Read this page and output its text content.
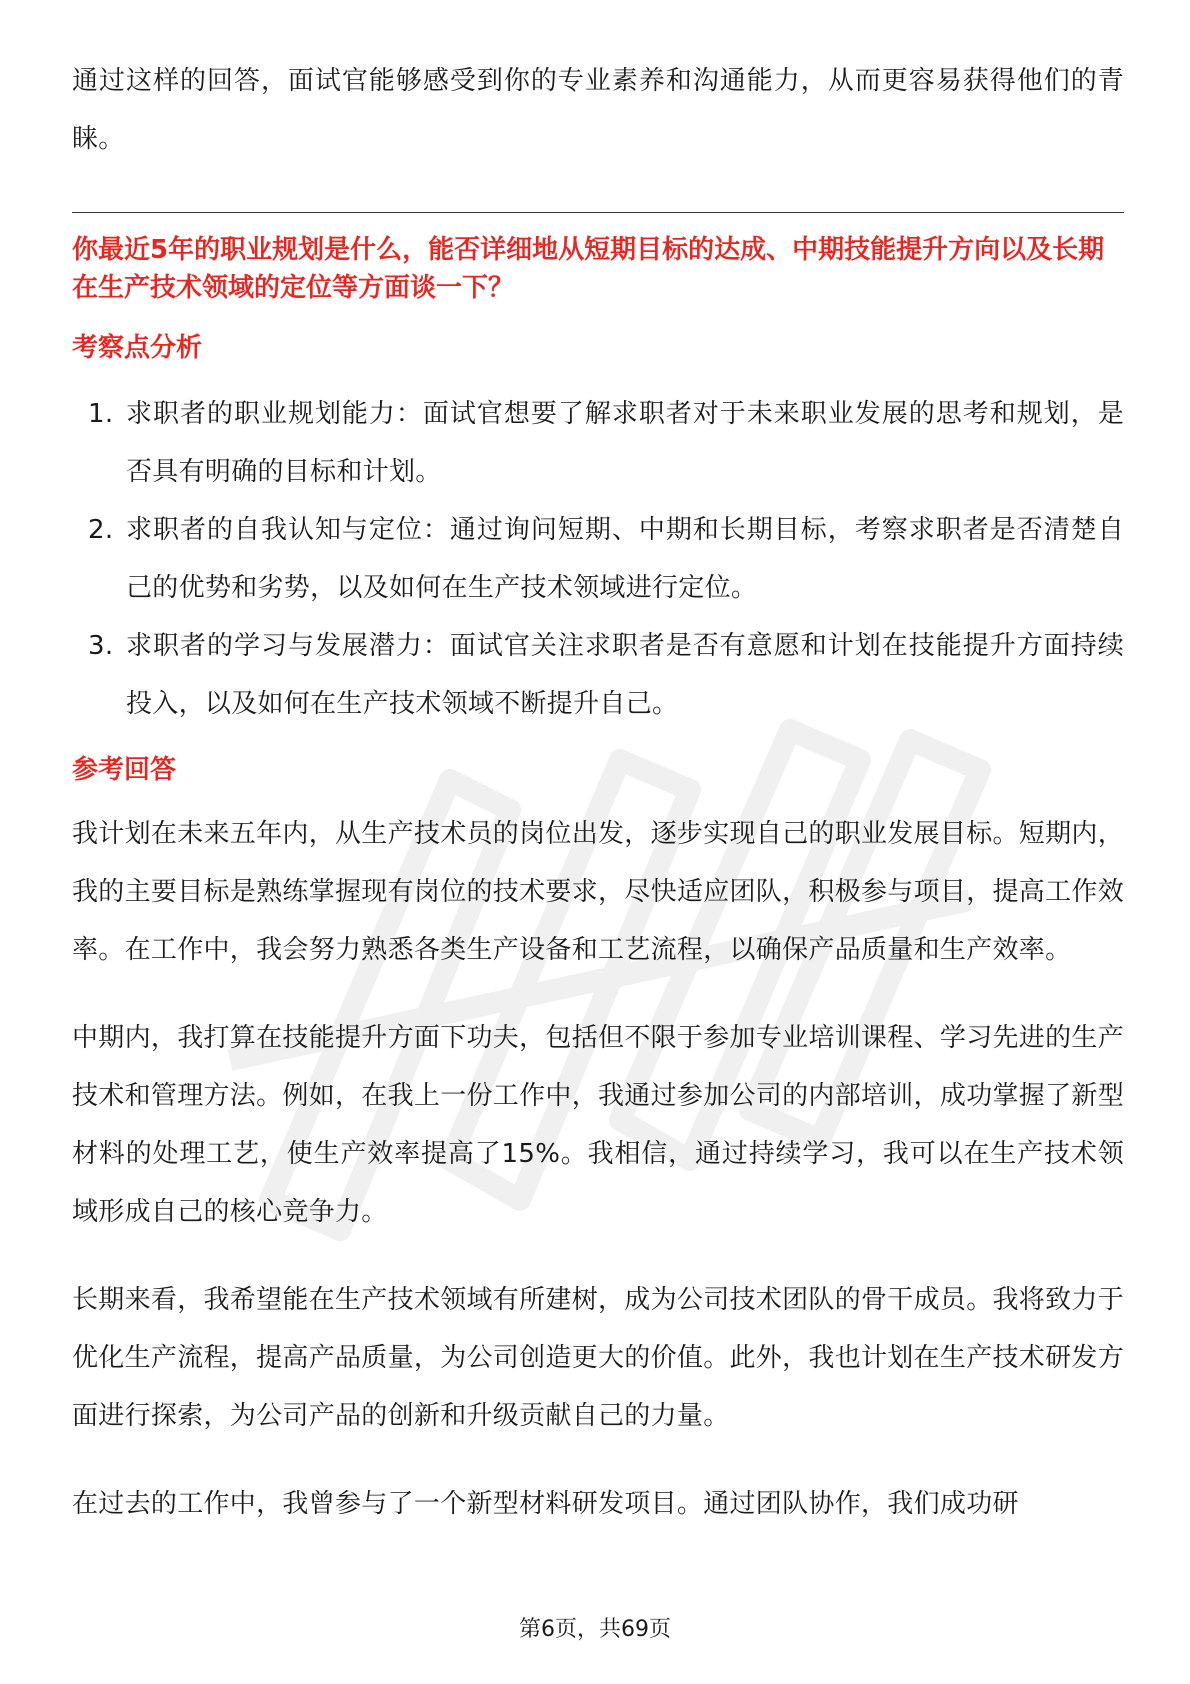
通过这样的回答，面试官能够感受到你的专业素养和沟通能力，从而更容易获得他们的青睐。

你最近5年的职业规划是什么，能否详细地从短期目标的达成、中期技能提升方向以及长期在生产技术领域的定位等方面谈一下？

考察点分析
1. 求职者的职业规划能力：面试官想要了解求职者对于未来职业发展的思考和规划，是否具有明确的目标和计划。
2. 求职者的自我认知与定位：通过询问短期、中期和长期目标，考察求职者是否清楚自己的优势和劣势，以及如何在生产技术领域进行定位。
3. 求职者的学习与发展潜力：面试官关注求职者是否有意愿和计划在技能提升方面持续投入，以及如何在生产技术领域不断提升自己。
参考回答

我计划在未来五年内，从生产技术员的岗位出发，逐步实现自己的职业发展目标。短期内，我的主要目标是熟练掌握现有岗位的技术要求，尽快适应团队，积极参与项目，提高工作效率。在工作中，我会努力熟悉各类生产设备和工艺流程，以确保产品质量和生产效率。

中期内，我打算在技能提升方面下功夫，包括但不限于参加专业培训课程、学习先进的生产技术和管理方法。例如，在我上一份工作中，我通过参加公司的内部培训，成功掌握了新型材料的处理工艺，使生产效率提高了15%。我相信，通过持续学习，我可以在生产技术领域形成自己的核心竞争力。

长期来看，我希望能在生产技术领域有所建树，成为公司技术团队的骨干成员。我将致力于优化生产流程，提高产品质量，为公司创造更大的价值。此外，我也计划在生产技术研发方面进行探索，为公司产品的创新和升级贡献自己的力量。

在过去的工作中，我曾参与了一个新型材料研发项目。通过团队协作，我们成功研

第6页，共69页
